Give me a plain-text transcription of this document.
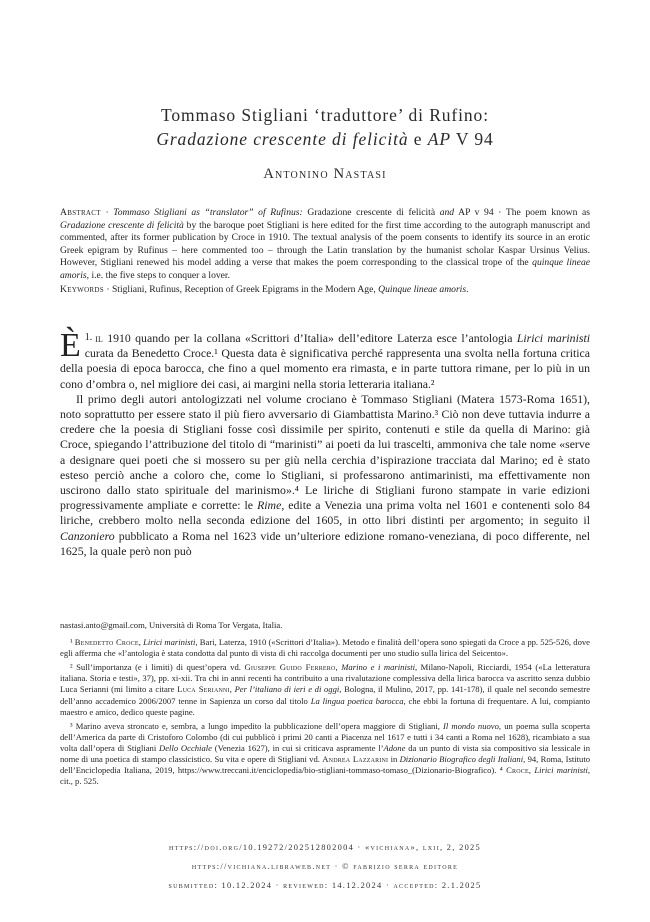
Tommaso Stigliani ‘traduttore’ di Rufino:
Gradazione crescente di felicità e AP V 94
Antonino Nastasi
Abstract · Tommaso Stigliani as “translator” of Rufinus: Gradazione crescente di felicità and AP v 94 · The poem known as Gradazione crescente di felicità by the baroque poet Stigliani is here edited for the first time according to the autograph manuscript and commented, after its former publication by Croce in 1910. The textual analysis of the poem consents to identify its source in an erotic Greek epigram by Rufinus – here commented too – through the Latin translation by the humanist scholar Kaspar Ursinus Velius. However, Stigliani renewed his model adding a verse that makes the poem corresponding to the classical trope of the quinque lineae amoris, i.e. the five steps to conquer a lover.
Keywords · Stigliani, Rufinus, Reception of Greek Epigrams in the Modern Age, Quinque lineae amoris.

1.
È il 1910 quando per la collana «Scrittori d’Italia» dell’editore Laterza esce l’antologia Lirici marinisti curata da Benedetto Croce.¹ Questa data è significativa perché rappresenta una svolta nella fortuna critica della poesia di epoca barocca, che fino a quel momento era rimasta, e in parte tuttora rimane, per lo più in un cono d’ombra o, nel migliore dei casi, ai margini nella storia letteraria italiana.²

Il primo degli autori antologizzati nel volume crociano è Tommaso Stigliani (Matera 1573-Roma 1651), noto soprattutto per essere stato il più fiero avversario di Giambattista Marino.³ Ciò non deve tuttavia indurre a credere che la poesia di Stigliani fosse così dissimile per spirito, contenuti e stile da quella di Marino: già Croce, spiegando l’attribuzione del titolo di “marinisti” ai poeti da lui trascelti, ammoniva che tale nome «serve a designare quei poeti che si mossero su per giù nella cerchia d’ispirazione tracciata dal Marino; ed è stato esteso perciò anche a coloro che, come lo Stigliani, si professarono antimarinisti, ma effettivamente non uscirono dallo stato spirituale del marinismo».⁴ Le liriche di Stigliani furono stampate in varie edizioni progressivamente ampliate e corrette: le Rime, edite a Venezia una prima volta nel 1601 e contenenti solo 84 liriche, crebbero molto nella seconda edizione del 1605, in otto libri distinti per argomento; in seguito il Canzoniero pubblicato a Roma nel 1623 vide un’ulteriore edizione romano-veneziana, di poco differente, nel 1625, la quale però non può

nastasi.anto@gmail.com, Università di Roma Tor Vergata, Italia.

¹ Benedetto Croce, Lirici marinisti, Bari, Laterza, 1910 («Scrittori d’Italia»). Metodo e finalità dell’opera sono spiegati da Croce a pp. 525-526, dove egli afferma che «l’antologia è stata condotta dal punto di vista di chi raccolga documenti per uno studio sulla lirica del Seicento».

² Sull’importanza (e i limiti) di quest’opera vd. Giuseppe Guido Ferrero, Marino e i marinisti, Milano-Napoli, Ricciardi, 1954 («La letteratura italiana. Storia e testi», 37), pp. xi-xii. Tra chi in anni recenti ha contribuito a una rivalutazione complessiva della lirica barocca va ascritto senza dubbio Luca Serianni (mi limito a citare Luca Serianni, Per l’italiano di ieri e di oggi, Bologna, il Mulino, 2017, pp. 141-178), il quale nel secondo semestre dell’anno accademico 2006/2007 tenne in Sapienza un corso dal titolo La lingua poetica barocca, che ebbi la fortuna di frequentare. A lui, compianto maestro e amico, dedico queste pagine.

³ Marino aveva stroncato e, sembra, a lungo impedito la pubblicazione dell’opera maggiore di Stigliani, Il mondo nuovo, un poema sulla scoperta dell’America da parte di Cristoforo Colombo (di cui pubblicò i primi 20 canti a Piacenza nel 1617 e tutti i 34 canti a Roma nel 1628), ricambiato a sua volta dall’opera di Stigliani Dello Occhiale (Venezia 1627), in cui si criticava aspramente l’Adone da un punto di vista sia compositivo sia lessicale in nome di una poetica di stampo classicistico. Su vita e opere di Stigliani vd. Andrea Lazzarini in Dizionario Biografico degli Italiani, 94, Roma, Istituto dell’Enciclopedia Italiana, 2019, https://www.treccani.it/enciclopedia/bio-stigliani-tommaso-tomaso_(Dizionario-Biografico). ⁴ Croce, Lirici marinisti, cit., p. 525.

https://doi.org/10.19272/202512802004 · «vichiana», lxii, 2, 2025
https://vichiana.libraweb.net · © fabrizio serra editore
submitted: 10.12.2024 · reviewed: 14.12.2024 · accepted: 2.1.2025
